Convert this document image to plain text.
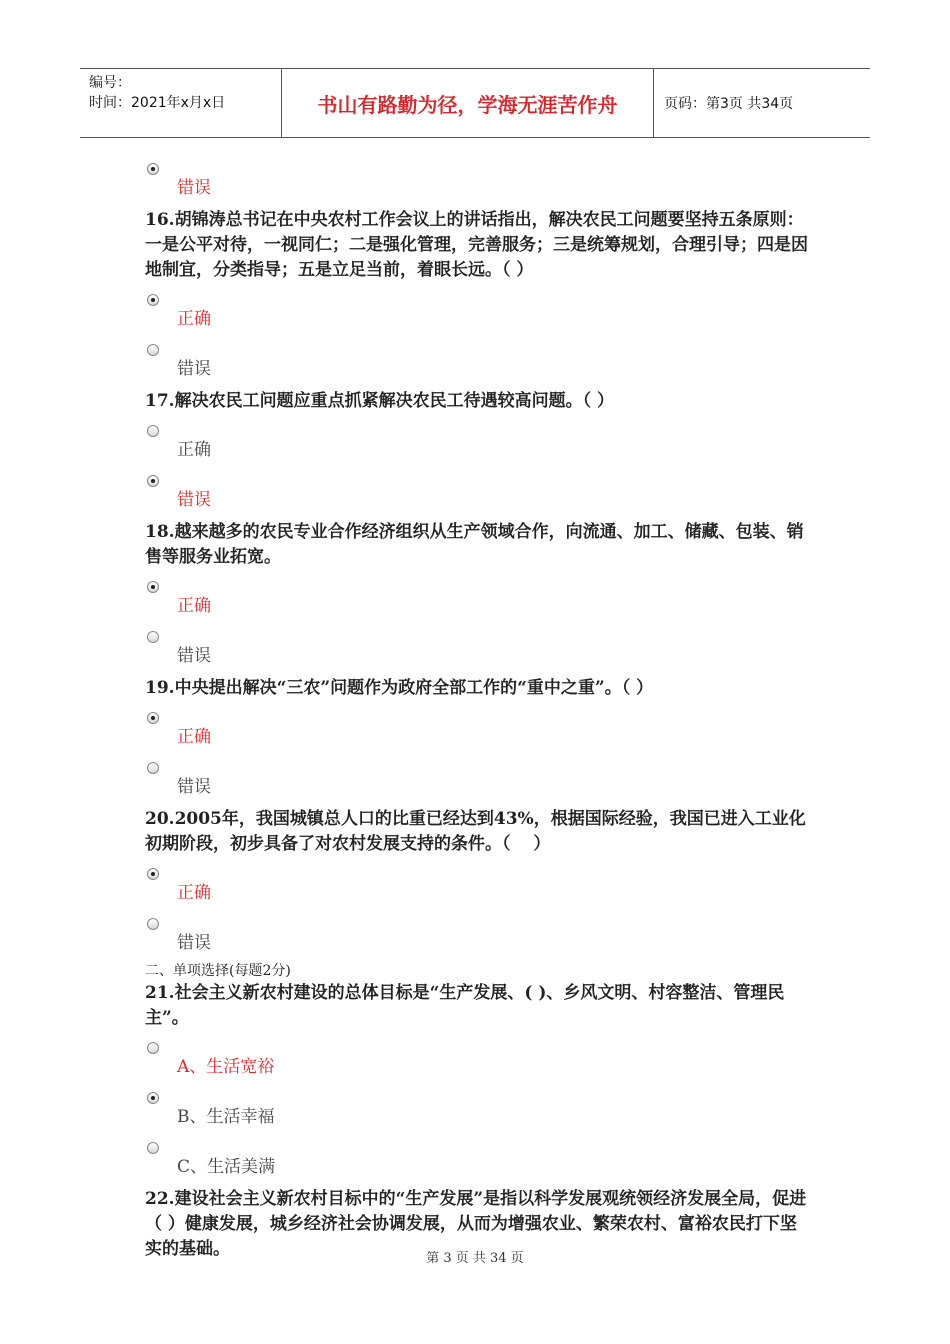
编号：
时间：2021年x月x日	书山有路勤为径，学海无涯苦作舟	页码：第3页 共34页
错误

16.胡锦涛总书记在中央农村工作会议上的讲话指出，解决农民工问题要坚持五条原则：一是公平对待，一视同仁；二是强化管理，完善服务；三是统筹规划，合理引导；四是因地制宜，分类指导；五是立足当前，着眼长远。（ ）

正确
错误

17.解决农民工问题应重点抓紧解决农民工待遇较高问题。（ ）

正确
错误

18.越来越多的农民专业合作经济组织从生产领域合作，向流通、加工、储藏、包装、销售等服务业拓宽。

正确
错误

19.中央提出解决“三农”问题作为政府全部工作的“重中之重”。（ ）

正确
错误

20.2005年，我国城镇总人口的比重已经达到43%，根据国际经验，我国已进入工业化初期阶段，初步具备了对农村发展支持的条件。（　 ）

正确
错误
二、单项选择(每题2分)

21.社会主义新农村建设的总体目标是“生产发展、( )、乡风文明、村容整洁、管理民主”。

A、生活宽裕
B、生活幸福
C、生活美满

22.建设社会主义新农村目标中的“生产发展”是指以科学发展观统领经济发展全局，促进（ ）健康发展，城乡经济社会协调发展，从而为增强农业、繁荣农村、富裕农民打下坚实的基础。	第 3 页 共 34 页
